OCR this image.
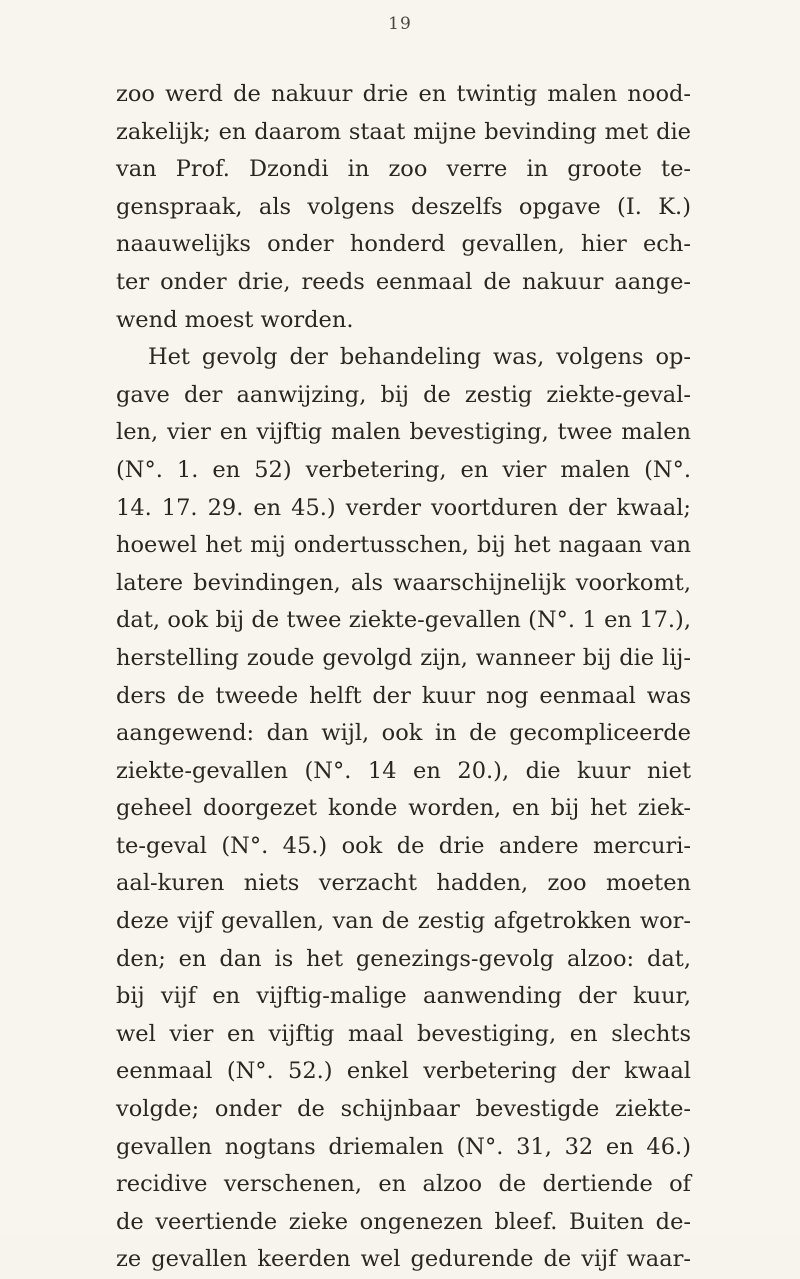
19
zoo werd de nakuur drie en twintig malen nood-
zakelijk; en daarom staat mijne bevinding met die
van Prof. Dzondi in zoo verre in groote te-
genspraak, als volgens deszelfs opgave (I. K.)
naauwelijks onder honderd gevallen, hier ech-
ter onder drie, reeds eenmaal de nakuur aange-
wend moest worden.
Het gevolg der behandeling was, volgens op-
gave der aanwijzing, bij de zestig ziekte-geval-
len, vier en vijftig malen bevestiging, twee malen
(N°. 1. en 52) verbetering, en vier malen (N°.
14. 17. 29. en 45.) verder voortduren der kwaal;
hoewel het mij ondertusschen, bij het nagaan van
latere bevindingen, als waarschijnelijk voorkomt,
dat, ook bij de twee ziekte-gevallen (N°. 1 en 17.),
herstelling zoude gevolgd zijn, wanneer bij die lij-
ders de tweede helft der kuur nog eenmaal was
aangewend: dan wijl, ook in de gecompliceerde
ziekte-gevallen (N°. 14 en 20.), die kuur niet
geheel doorgezet konde worden, en bij het ziek-
te-geval (N°. 45.) ook de drie andere mercuri-
aal-kuren niets verzacht hadden, zoo moeten
deze vijf gevallen, van de zestig afgetrokken wor-
den; en dan is het genezings-gevolg alzoo: dat,
bij vijf en vijftig-malige aanwending der kuur,
wel vier en vijftig maal bevestiging, en slechts
eenmaal (N°. 52.) enkel verbetering der kwaal
volgde; onder de schijnbaar bevestigde ziekte-
gevallen nogtans driemalen (N°. 31, 32 en 46.)
recidive verschenen, en alzoo de dertiende of
de veertiende zieke ongenezen bleef. Buiten de-
ze gevallen keerden wel gedurende de vijf waar-
